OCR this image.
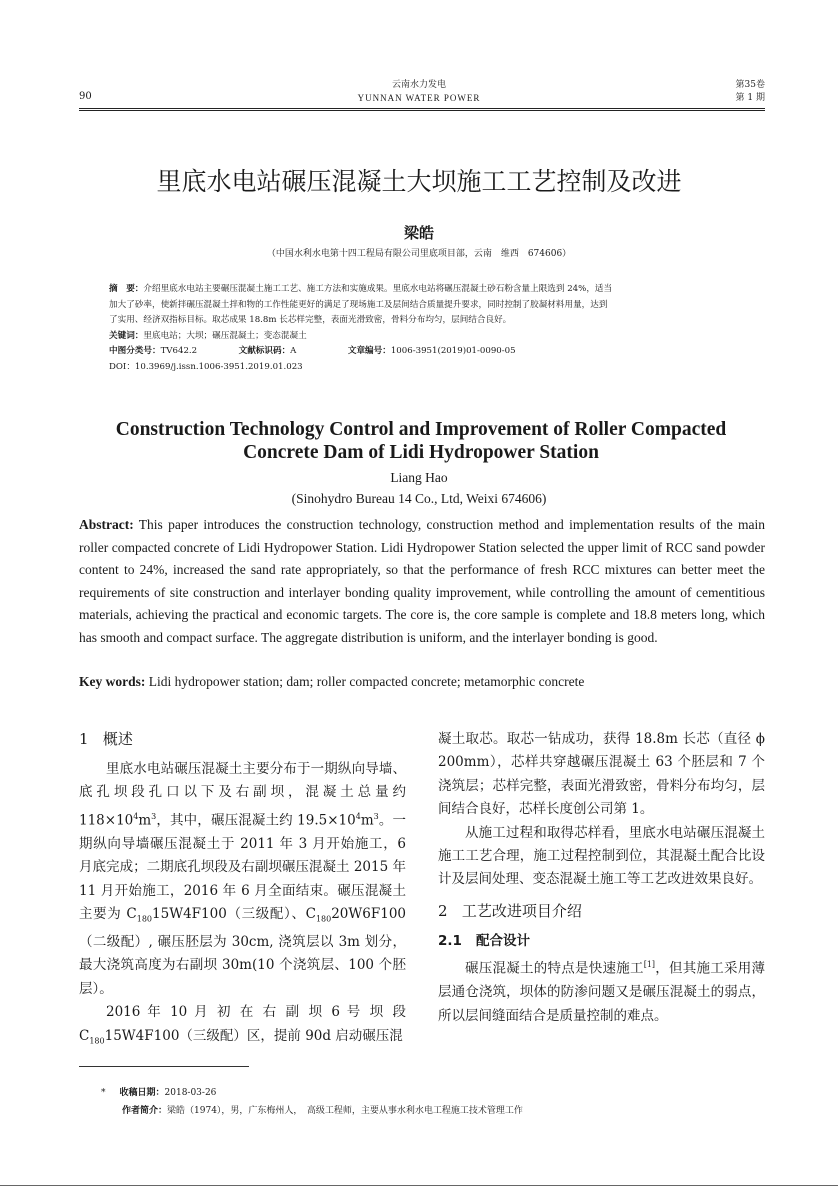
90
云南水力发电
YUNNAN WATER POWER
第35卷
第 1 期
里底水电站碾压混凝土大坝施工工艺控制及改进
梁皓
（中国水利水电第十四工程局有限公司里底项目部，云南　维西　674606）
摘　要：介绍里底水电站主要碾压混凝土施工工艺、施工方法和实施成果。里底水电站将碾压混凝土砂石粉含量上限选到 24%，适当
加大了砂率，使新拌碾压混凝土拌和物的工作性能更好的满足了现场施工及层间结合质量提升要求，同时控制了胶凝材料用量，达到
了实用、经济双指标目标。取芯成果 18.8m 长芯样完整，表面光滑致密，骨料分布均匀，层间结合良好。
关键词：里底电站；大坝；碾压混凝土；变态混凝土
中图分类号：TV642.2	文献标识码：A	文章编号：1006-3951(2019)01-0090-05
DOI：10.3969/j.issn.1006-3951.2019.01.023
Construction Technology Control and Improvement of Roller Compacted
Concrete Dam of Lidi Hydropower Station
Liang Hao
(Sinohydro Bureau 14 Co., Ltd, Weixi 674606)
Abstract: This paper introduces the construction technology, construction method and implementation results of the main roller compacted concrete of Lidi Hydropower Station. Lidi Hydropower Station selected the upper limit of RCC sand powder content to 24%, increased the sand rate appropriately, so that the performance of fresh RCC mixtures can better meet the requirements of site construction and interlayer bonding quality improvement, while controlling the amount of cementitious materials, achieving the practical and economic targets. The core is, the core sample is complete and 18.8 meters long, which has smooth and compact surface. The aggregate distribution is uniform, and the interlayer bonding is good.
Key words: Lidi hydropower station; dam; roller compacted concrete; metamorphic concrete
1 概述

里底水电站碾压混凝土主要分布于一期纵向导墙、底孔坝段孔口以下及右副坝，混凝土总量约 $118\times 10^4m^3$，其中，碾压混凝土约 $19.5\times 10^4m^3$。一期纵向导墙碾压混凝土于 2011 年 3 月开始施工，6 月底完成；二期底孔坝段及右副坝碾压混凝土 2015 年 11 月开始施工，2016 年 6 月全面结束。碾压混凝土主要为 $C_{180}15W4F100$（三级配）、$C_{180}20W6F100$（二级配）, 碾压胚层为 30cm, 浇筑层以 3m 划分，最大浇筑高度为右副坝 30m(10 个浇筑层、100 个胚层）。

2016 年 10 月 初 在 右 副 坝 6 号 坝 段 $C_{180}15W4F100$（三级配）区，提前 90d 启动碾压混

凝土取芯。取芯一钻成功，获得 18.8m 长芯（直径 ϕ 200mm），芯样共穿越碾压混凝土 63 个胚层和 7 个浇筑层；芯样完整，表面光滑致密，骨料分布均匀，层间结合良好，芯样长度创公司第 1。

从施工过程和取得芯样看，里底水电站碾压混凝土施工工艺合理，施工过程控制到位，其混凝土配合比设计及层间处理、变态混凝土施工等工艺改进效果良好。

2 工艺改进项目介绍
2.1 配合设计

碾压混凝土的特点是快速施工[1]，但其施工采用薄层通仓浇筑，坝体的防渗问题又是碾压混凝土的弱点，所以层间缝面结合是质量控制的难点。

* 收稿日期：2018-03-26
作者简介：梁皓（1974），男，广东梅州人，　高级工程师，主要从事水利水电工程施工技术管理工作
